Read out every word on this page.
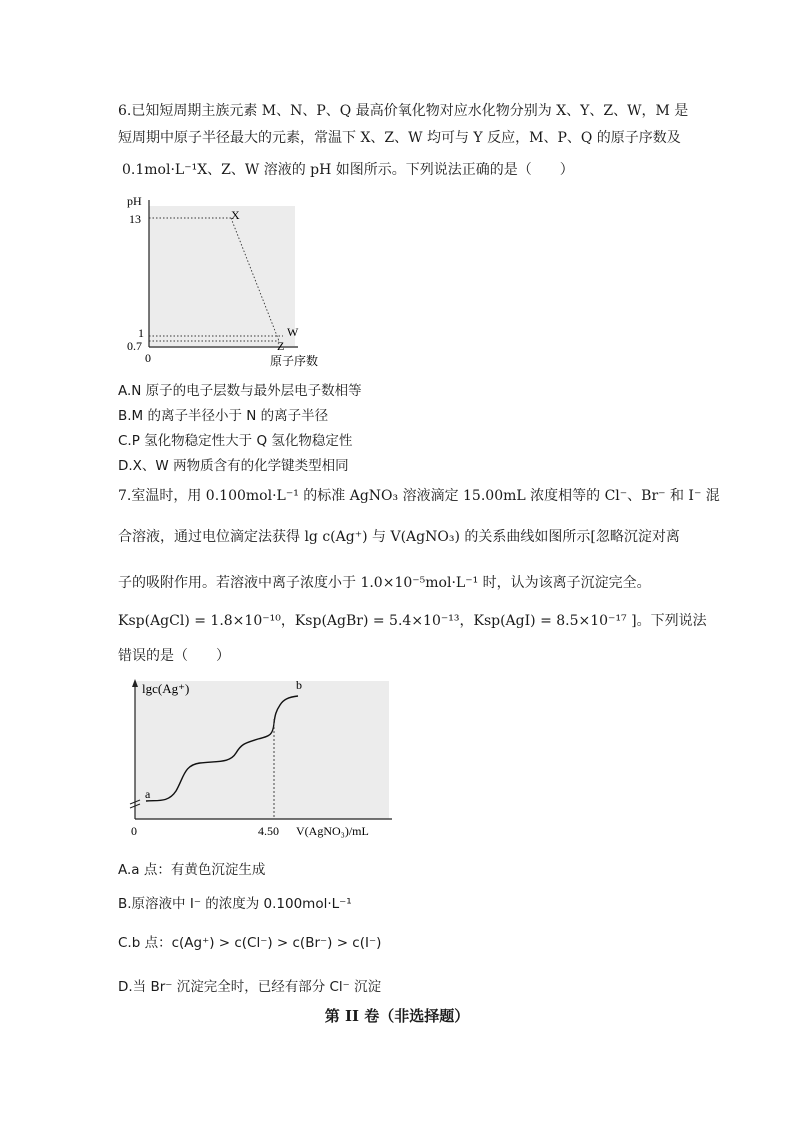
6.已知短周期主族元素 M、N、P、Q 最高价氧化物对应水化物分别为 X、Y、Z、W，M 是
短周期中原子半径最大的元素，常温下 X、Z、W 均可与 Y 反应，M、P、Q 的原子序数及
0.1mol·L⁻¹X、Z、W 溶液的 pH 如图所示。下列说法正确的是（　　）
pH
13
1
0.7
0
X
W
Z
原子序数
A.N 原子的电子层数与最外层电子数相等
B.M 的离子半径小于 N 的离子半径
C.P 氢化物稳定性大于 Q 氢化物稳定性
D.X、W 两物质含有的化学键类型相同
7.室温时，用 0.100mol·L⁻¹ 的标准 AgNO₃ 溶液滴定 15.00mL 浓度相等的 Cl⁻、Br⁻ 和 I⁻ 混
合溶液，通过电位滴定法获得 lg c(Ag⁺) 与 V(AgNO₃) 的关系曲线如图所示[忽略沉淀对离
子的吸附作用。若溶液中离子浓度小于 1.0×10⁻⁵mol·L⁻¹ 时，认为该离子沉淀完全。
Ksp(AgCl) = 1.8×10⁻¹⁰，Ksp(AgBr) = 5.4×10⁻¹³，Ksp(AgI) = 8.5×10⁻¹⁷ ]。下列说法
错误的是（　　）
lgc(Ag⁺)
a
b
0	4.50 V(AgNO₃)/mL
A.a 点：有黄色沉淀生成
B.原溶液中 I⁻ 的浓度为 0.100mol·L⁻¹
C.b 点：c(Ag⁺) > c(Cl⁻) > c(Br⁻) > c(I⁻)
D.当 Br⁻ 沉淀完全时，已经有部分 Cl⁻ 沉淀
第 II 卷（非选择题）
